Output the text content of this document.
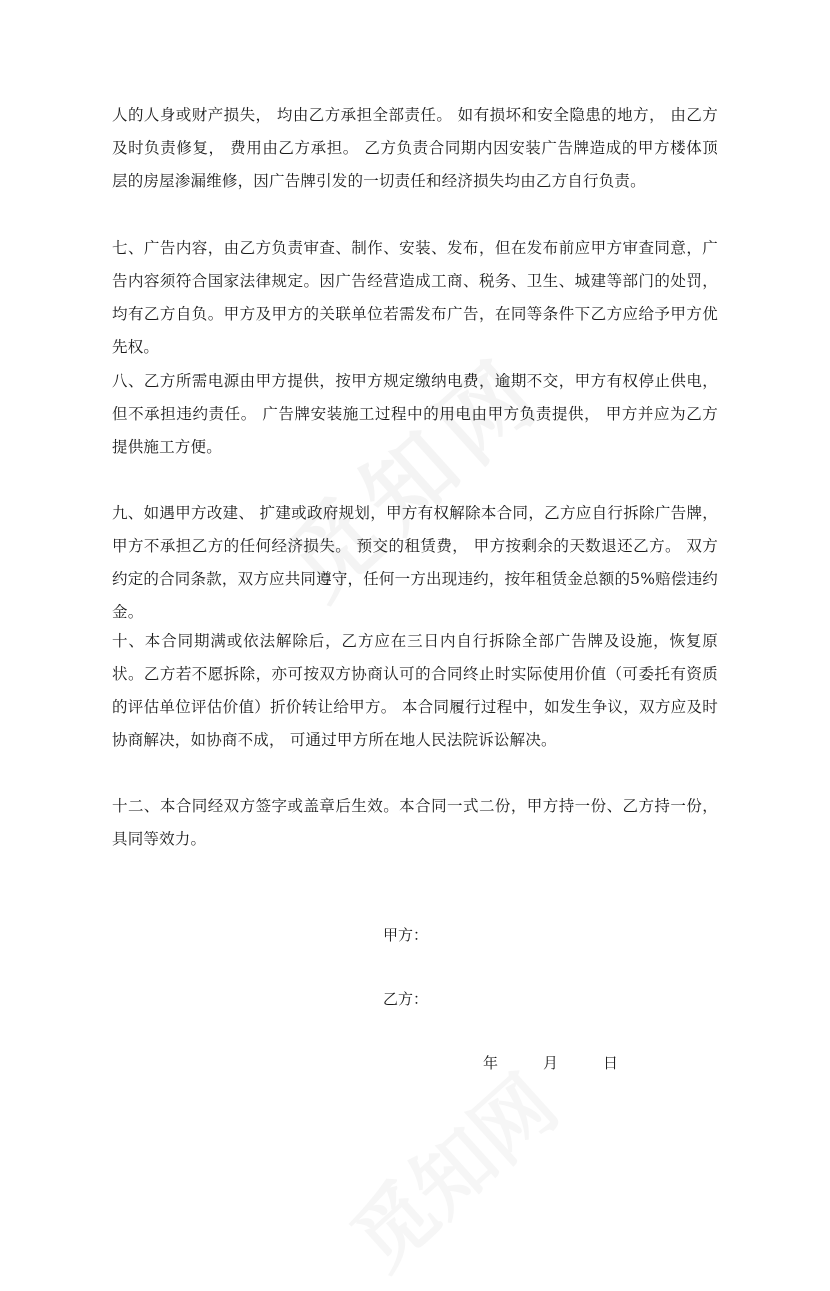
人的人身或财产损失， 均由乙方承担全部责任。 如有损坏和安全隐患的地方， 由乙方及时负责修复， 费用由乙方承担。 乙方负责合同期内因安装广告牌造成的甲方楼体顶层的房屋渗漏维修，因广告牌引发的一切责任和经济损失均由乙方自行负责。

七、广告内容，由乙方负责审查、制作、安装、发布，但在发布前应甲方审查同意，广告内容须符合国家法律规定。因广告经营造成工商、税务、卫生、城建等部门的处罚，均有乙方自负。甲方及甲方的关联单位若需发布广告，在同等条件下乙方应给予甲方优先权。

八、乙方所需电源由甲方提供，按甲方规定缴纳电费，逾期不交，甲方有权停止供电，但不承担违约责任。 广告牌安装施工过程中的用电由甲方负责提供， 甲方并应为乙方提供施工方便。

九、如遇甲方改建、 扩建或政府规划，甲方有权解除本合同，乙方应自行拆除广告牌，甲方不承担乙方的任何经济损失。 预交的租赁费， 甲方按剩余的天数退还乙方。 双方约定的合同条款，双方应共同遵守，任何一方出现违约，按年租赁金总额的5%赔偿违约金。

十、本合同期满或依法解除后，乙方应在三日内自行拆除全部广告牌及设施，恢复原状。乙方若不愿拆除，亦可按双方协商认可的合同终止时实际使用价值（可委托有资质的评估单位评估价值）折价转让给甲方。 本合同履行过程中，如发生争议，双方应及时协商解决，如协商不成， 可通过甲方所在地人民法院诉讼解决。

十二、本合同经双方签字或盖章后生效。本合同一式二份，甲方持一份、乙方持一份，具同等效力。

甲方：

乙方：

年	月	日
